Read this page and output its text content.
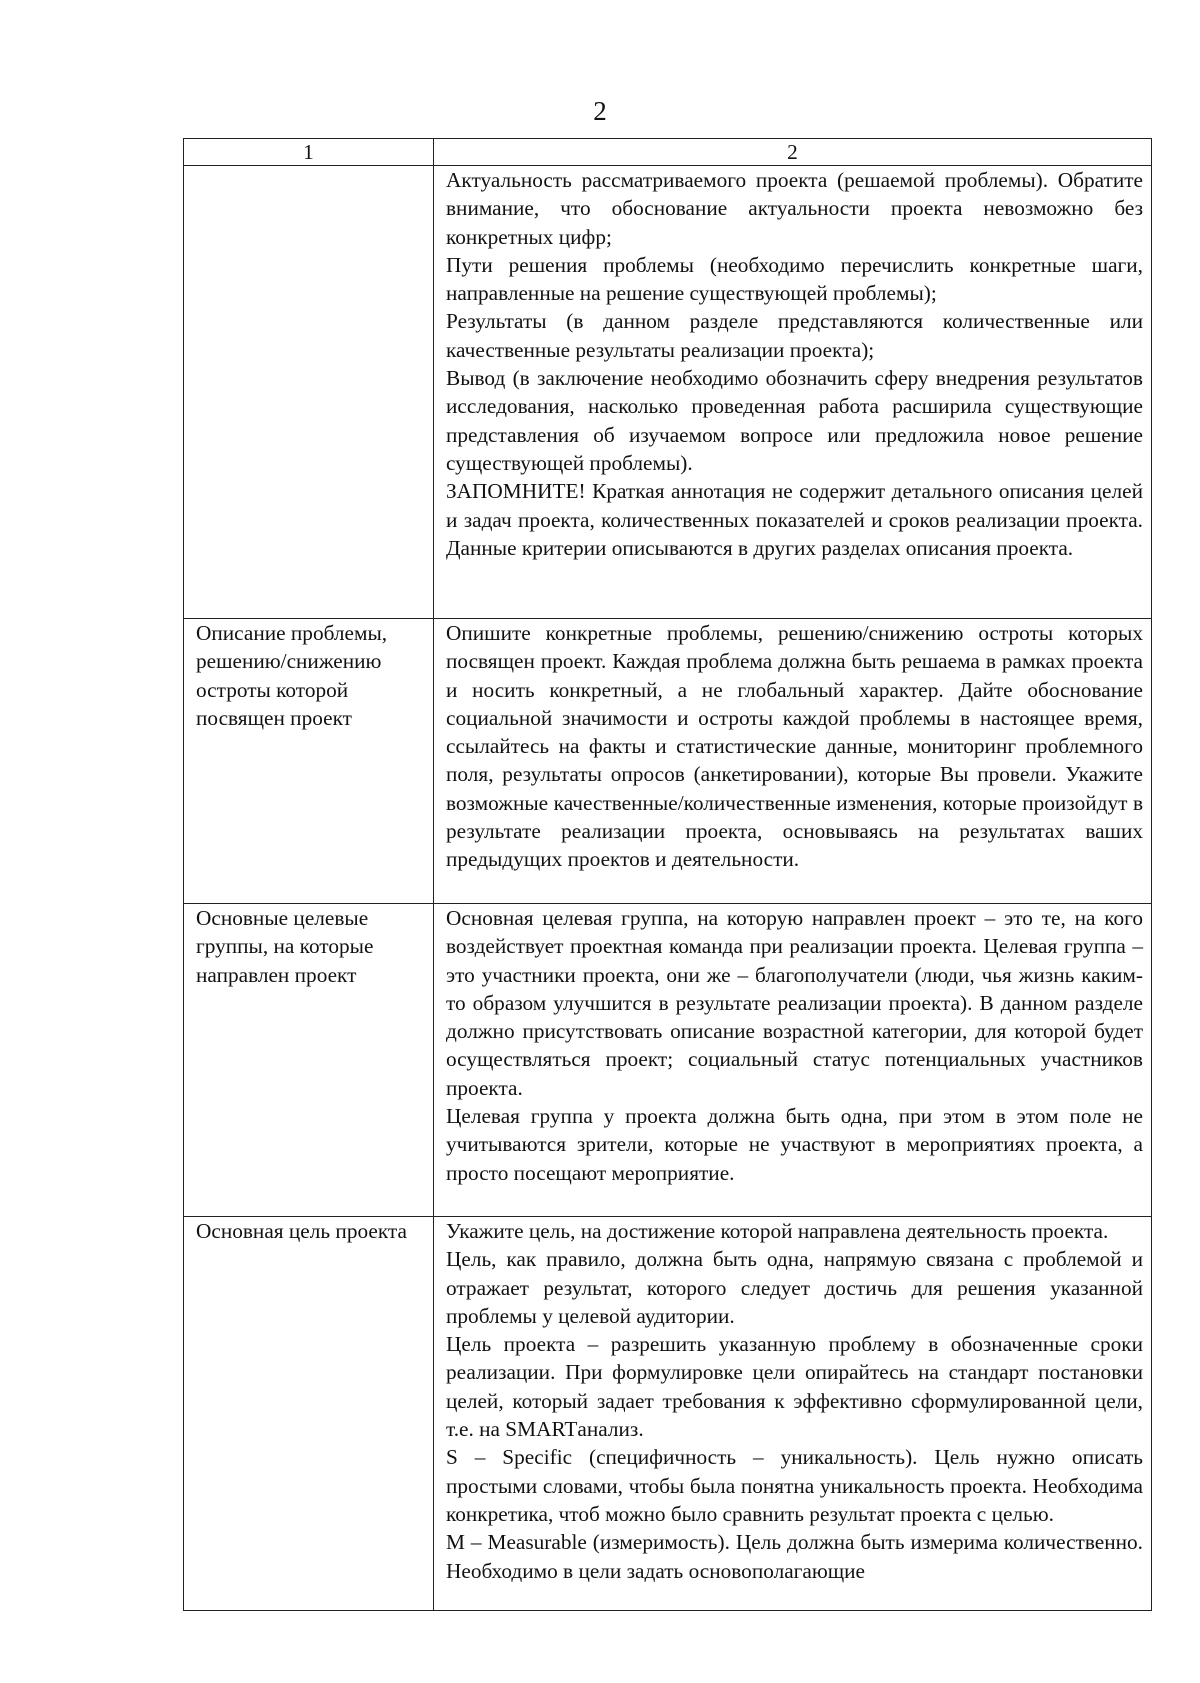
2
1	2

	Актуальность рассматриваемого проекта (решаемой проблемы). Обратите внимание, что обоснование актуальности проекта невозможно без конкретных цифр;

Пути решения проблемы (необходимо перечислить конкретные шаги, направленные на решение существующей проблемы);

Результаты (в данном разделе представляются количественные или качественные результаты реализации проекта);

Вывод (в заключение необходимо обозначить сферу внедрения результатов исследования, насколько проведенная работа расширила существующие представления об изучаемом вопросе или предложила новое решение существующей проблемы).

ЗАПОМНИТЕ! Краткая аннотация не содержит детального описания целей и задач проекта, количественных показателей и сроков реализации проекта. Данные критерии описываются в других разделах описания проекта.

Описание проблемы, решению/снижению остроты которой посвящен проект	Опишите конкретные проблемы, решению/снижению остроты которых посвящен проект. Каждая проблема должна быть решаема в рамках проекта и носить конкретный, а не глобальный характер. Дайте обоснование социальной значимости и остроты каждой проблемы в настоящее время, ссылайтесь на факты и статистические данные, мониторинг проблемного поля, результаты опросов (анкетировании), которые Вы провели. Укажите возможные качественные/количественные изменения, которые произойдут в результате реализации проекта, основываясь на результатах ваших предыдущих проектов и деятельности.

Основные целевые группы, на которые направлен проект	Основная целевая группа, на которую направлен проект – это те, на кого воздействует проектная команда при реализации проекта. Целевая группа – это участники проекта, они же – благополучатели (люди, чья жизнь каким-то образом улучшится в результате реализации проекта). В данном разделе должно присутствовать описание возрастной категории, для которой будет осуществляться проект; социальный статус потенциальных участников проекта.

Целевая группа у проекта должна быть одна, при этом в этом поле не учитываются зрители, которые не участвуют в мероприятиях проекта, а просто посещают мероприятие.

Основная цель проекта	Укажите цель, на достижение которой направлена деятельность проекта.

Цель, как правило, должна быть одна, напрямую связана с проблемой и отражает результат, которого следует достичь для решения указанной проблемы у целевой аудитории.

Цель проекта – разрешить указанную проблему в обозначенные сроки реализации. При формулировке цели опирайтесь на стандарт постановки целей, который задает требования к эффективно сформулированной цели, т.е. на SMARTанализ.

S – Specific (специфичность – уникальность). Цель нужно описать простыми словами, чтобы была понятна уникальность проекта. Необходима конкретика, чтоб можно было сравнить результат проекта с целью.

M – Measurable (измеримость). Цель должна быть измерима количественно. Необходимо в цели задать основополагающие
